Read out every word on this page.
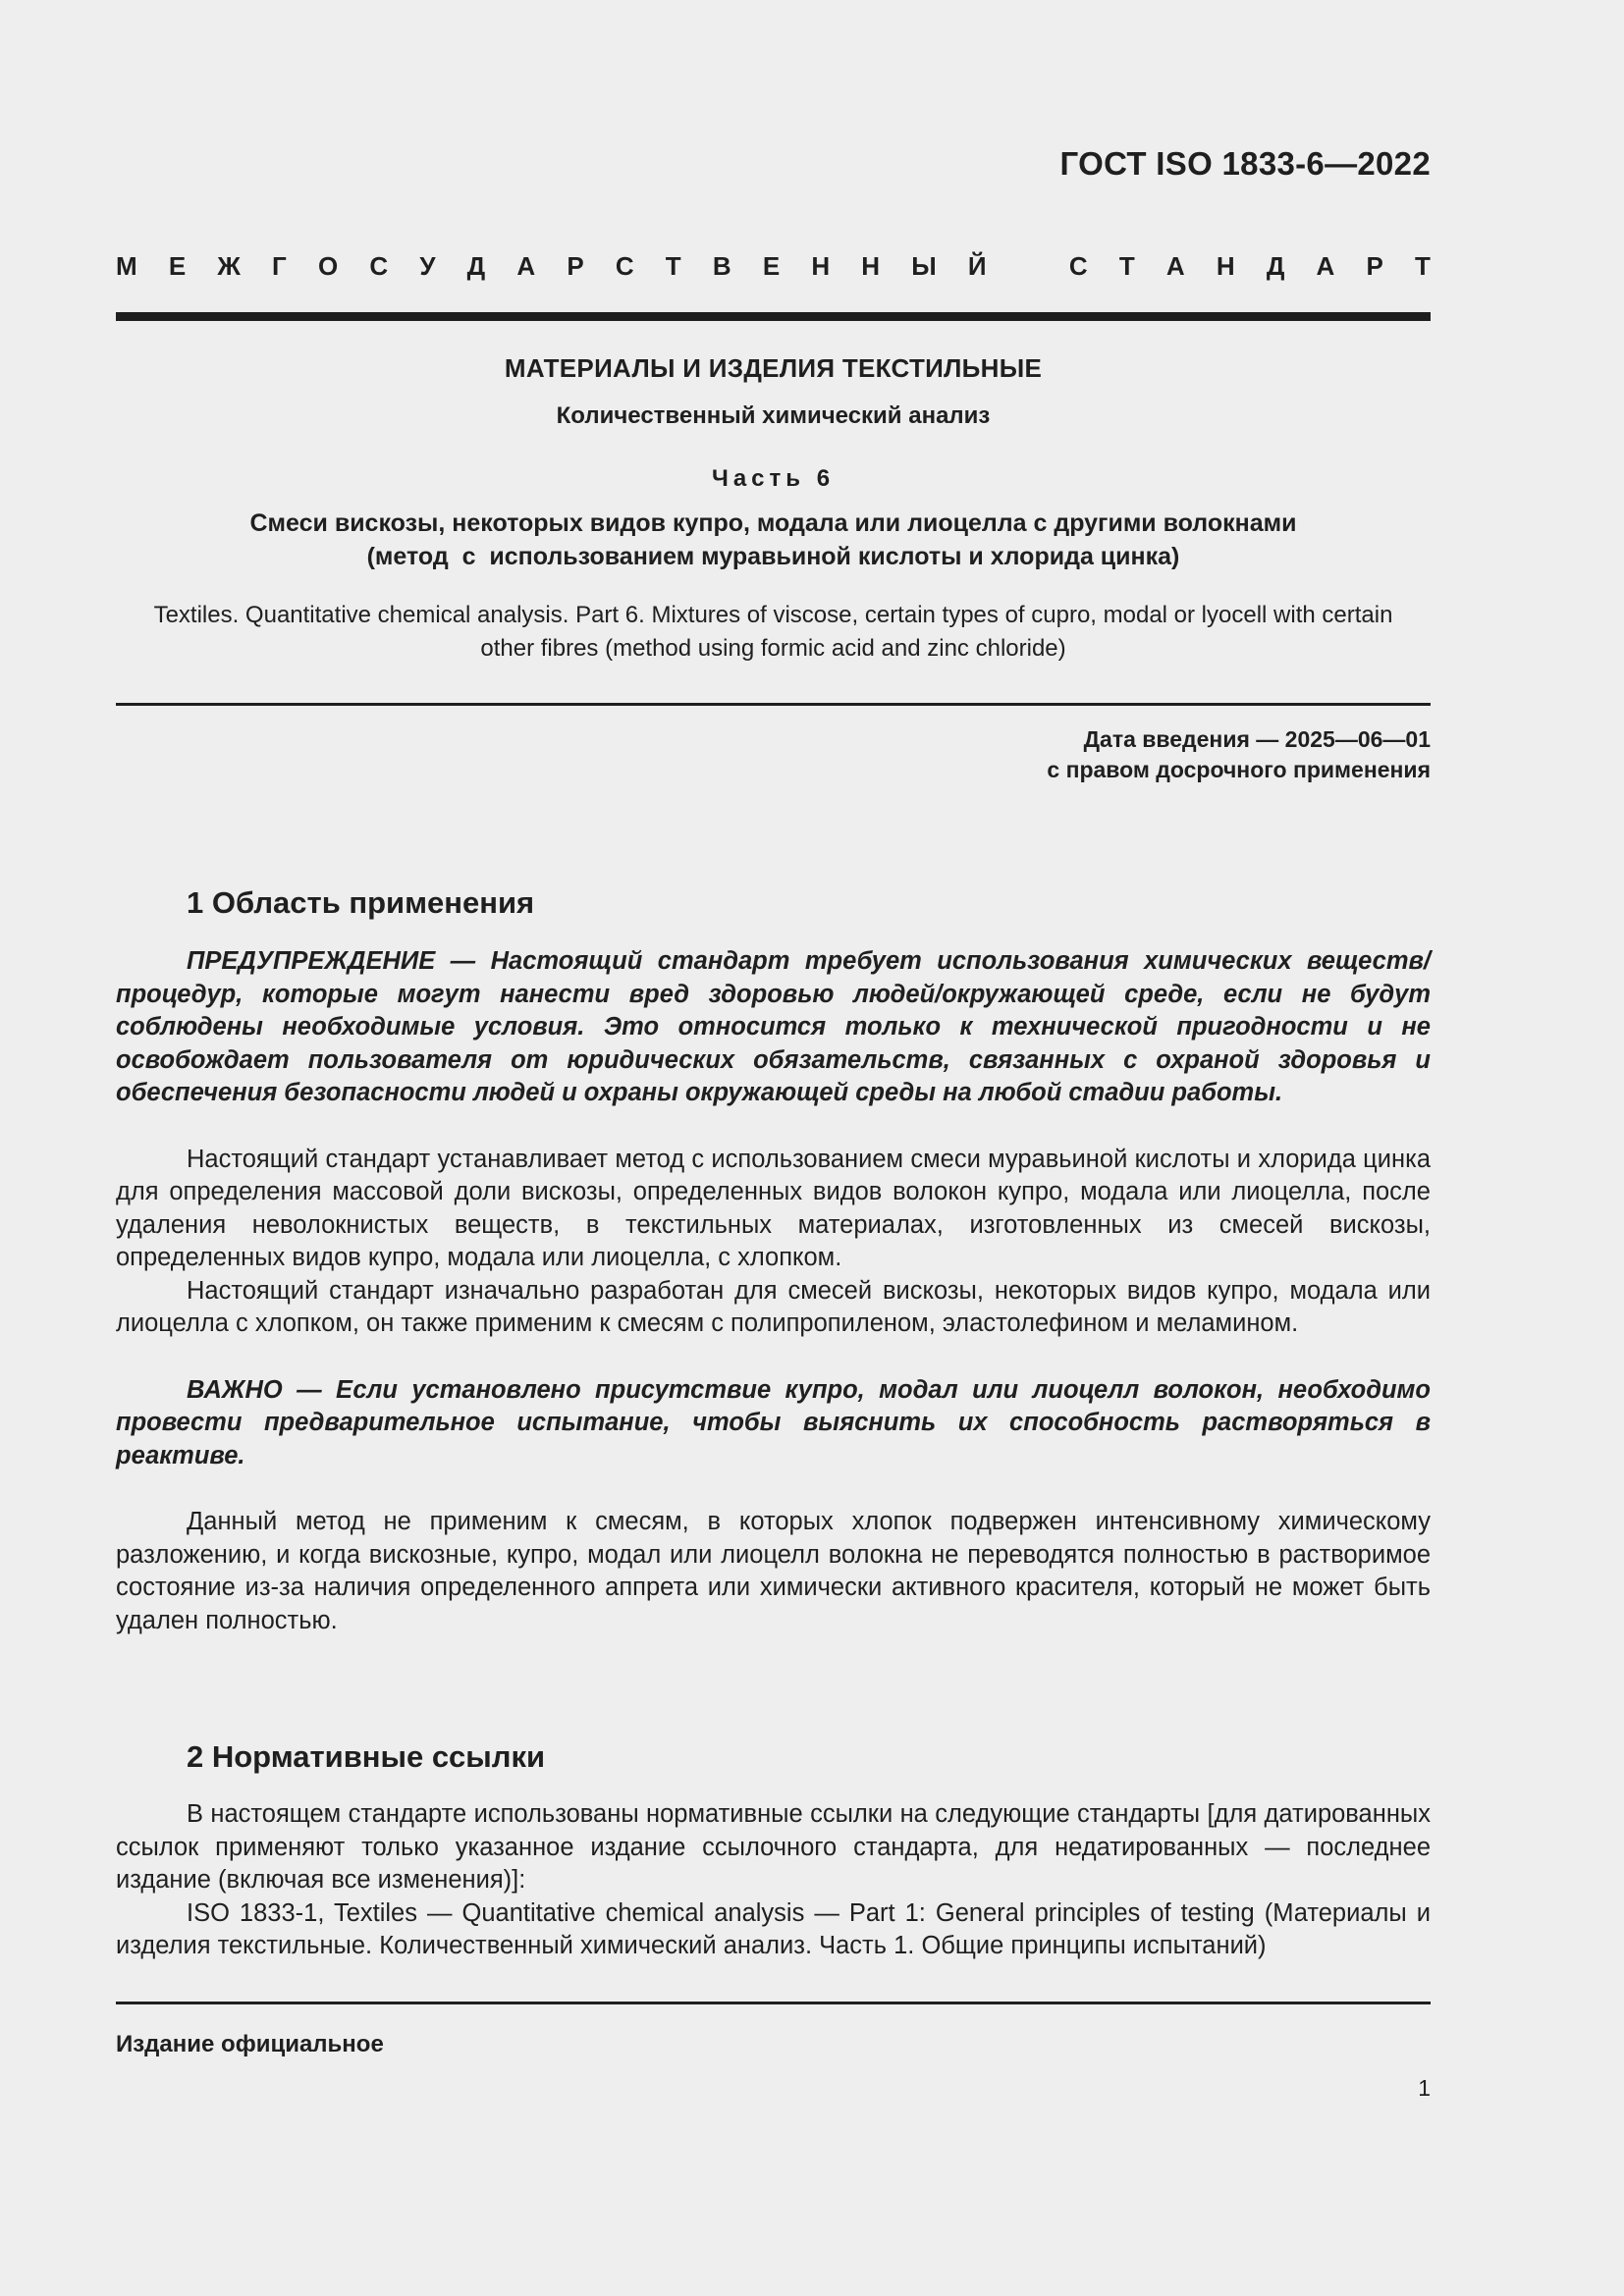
ГОСТ ISO 1833-6—2022
М Е Ж Г О С У Д А Р С Т В Е Н Н Ы Й	С Т А Н Д А Р Т
МАТЕРИАЛЫ И ИЗДЕЛИЯ ТЕКСТИЛЬНЫЕ
Количественный химический анализ
Часть 6
Смеси вискозы, некоторых видов купро, модала или лиоцелла с другими волокнами
(метод  с  использованием муравьиной кислоты и хлорида цинка)
Textiles. Quantitative chemical analysis. Part 6. Mixtures of viscose, certain types of cupro, modal or lyocell with certain
other fibres (method using formic acid and zinc chloride)
Дата введения — 2025—06—01
с правом досрочного применения
1 Область применения

ПРЕДУПРЕЖДЕНИЕ — Настоящий стандарт требует использования химических веществ/процедур, которые могут нанести вред здоровью людей/окружающей среде, если не будут соблюдены необходимые условия. Это относится только к технической пригодности и не освобождает пользователя от юридических обязательств, связанных с охраной здоровья и обеспечения безопасности людей и охраны окружающей среды на любой стадии работы.

Настоящий стандарт устанавливает метод с использованием смеси муравьиной кислоты и хлорида цинка для определения массовой доли вискозы, определенных видов волокон купро, модала или лиоцелла, после удаления неволокнистых веществ, в текстильных материалах, изготовленных из смесей вискозы, определенных видов купро, модала или лиоцелла, с хлопком.

Настоящий стандарт изначально разработан для смесей вискозы, некоторых видов купро, модала или лиоцелла с хлопком, он также применим к смесям с полипропиленом, эластолефином и меламином.

ВАЖНО — Если установлено присутствие купро, модал или лиоцелл волокон, необходимо провести предварительное испытание, чтобы выяснить их способность растворяться в реактиве.

Данный метод не применим к смесям, в которых хлопок подвержен интенсивному химическому разложению, и когда вискозные, купро, модал или лиоцелл волокна не переводятся полностью в растворимое состояние из-за наличия определенного аппрета или химически активного красителя, который не может быть удален полностью.

2 Нормативные ссылки

В настоящем стандарте использованы нормативные ссылки на следующие стандарты [для датированных ссылок применяют только указанное издание ссылочного стандарта, для недатированных — последнее издание (включая все изменения)]:

ISO 1833-1, Textiles — Quantitative chemical analysis — Part 1: General principles of testing (Материалы и изделия текстильные. Количественный химический анализ. Часть 1. Общие принципы испытаний)

Издание официальное
1
